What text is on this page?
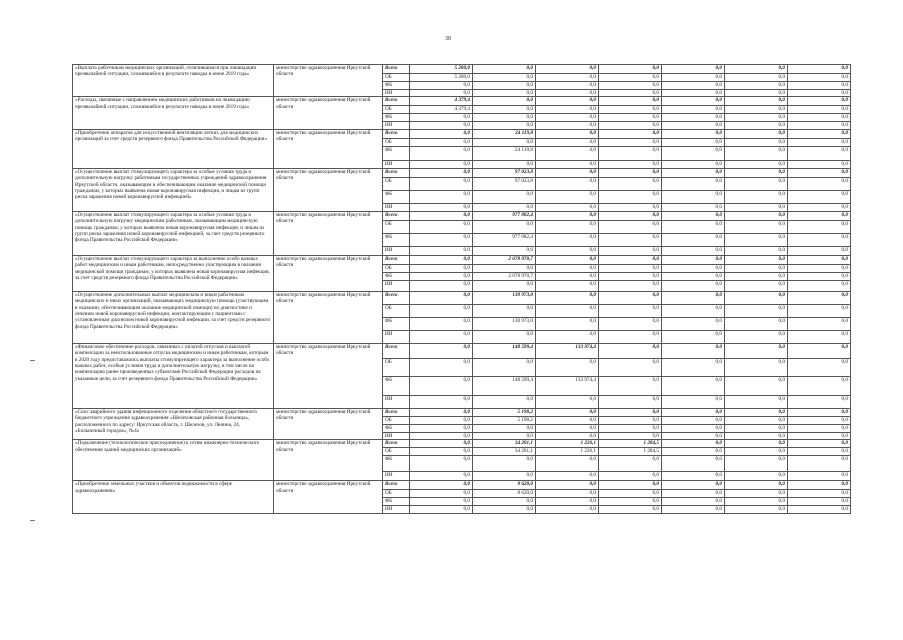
30
«Выплата работникам медицинских организаций, отличившимся при ликвидации чрезвычайной ситуации, сложившейся в результате паводка в июне 2019 года»	министерство здравоохранения Иркутской области	Всего	5 200,0	0,0	0,0	0,0	0,0	0,0	0,0
		ОБ	5 200,0	0,0	0,0	0,0	0,0	0,0	0,0
		ФБ	0,0	0,0	0,0	0,0	0,0	0,0	0,0
		ИИ	0,0	0,0	0,0	0,0	0,0	0,0	0,0
«Расходы, связанные с направлением медицинских работников на ликвидацию чрезвычайной ситуации, сложившейся в результате паводка в июне 2019 года»	министерство здравоохранения Иркутской области	Всего	4 379,4	0,0	0,0	0,0	0,0	0,0	0,0
		ОБ	4 379,4	0,0	0,0	0,0	0,0	0,0	0,0
		ФБ	0,0	0,0	0,0	0,0	0,0	0,0	0,0
		ИИ	0,0	0,0	0,0	0,0	0,0	0,0	0,0
«Приобретение аппаратов для искусственной вентиляции легких для медицинских организаций за счет средств резервного фонда Правительства Российской Федерации»	министерство здравоохранения Иркутской области	Всего	0,0	24 119,8	0,0	0,0	0,0	0,0	0,0
		ОБ	0,0	0,0	0,0	0,0	0,0	0,0	0,0
		ФБ	0,0	24 119,8	0,0	0,0	0,0	0,0	0,0
		ИИ	0,0	0,0	0,0	0,0	0,0	0,0	0,0
«Осуществление выплат стимулирующего характера за особые условия труда и дополнительную нагрузку работникам государственных учреждений здравоохранения Иркутской области, оказывающим и обеспечивающим оказание медицинской помощи гражданам, у которых выявлена новая коронавирусная инфекция, и лицам из групп риска заражения новой коронавирусной инфекцией»	министерство здравоохранения Иркутской области	Всего	0,0	97 023,8	0,0	0,0	0,0	0,0	0,0
		ОБ	0,0	97 023,8	0,0	0,0	0,0	0,0	0,0
		ФБ	0,0	0,0	0,0	0,0	0,0	0,0	0,0
		ИИ	0,0	0,0	0,0	0,0	0,0	0,0	0,0
«Осуществление выплат стимулирующего характера за особые условия труда и дополнительную нагрузку медицинским работникам, оказывающим медицинскую помощь гражданам, у которых выявлена новая коронавирусная инфекция, и лицам из групп риска заражения новой коронавирусной инфекцией, за счет средств резервного фонда Правительства Российской Федерации»	министерство здравоохранения Иркутской области	Всего	0,0	977 082,4	0,0	0,0	0,0	0,0	0,0
		ОБ	0,0	0,0	0,0	0,0	0,0	0,0	0,0
		ФБ	0,0	977 082,4	0,0	0,0	0,0	0,0	0,0
		ИИ	0,0	0,0	0,0	0,0	0,0	0,0	0,0
«Осуществление выплат стимулирующего характера за выполнение особо важных работ медицинским и иным работникам, непосредственно участвующим в оказании медицинской помощи гражданам, у которых выявлена новая коронавирусная инфекция, за счет средств резервного фонда Правительства Российской Федерации»	министерство здравоохранения Иркутской области	Всего	0,0	2 078 970,7	0,0	0,0	0,0	0,0	0,0
		ОБ	0,0	0,0	0,0	0,0	0,0	0,0	0,0
		ФБ	0,0	2 078 970,7	0,0	0,0	0,0	0,0	0,0
		ИИ	0,0	0,0	0,0	0,0	0,0	0,0	0,0
«Осуществление дополнительных выплат медицинским и иным работникам медицинских и иных организаций, оказывающих медицинскую помощь (участвующим в оказании, обеспечивающим оказание медицинской помощи) по диагностике и лечению новой коронавирусной инфекции, контактирующим с пациентами с установленным диагнозом новой коронавирусной инфекции, за счет средств резервного фонда Правительства Российской Федерации»	министерство здравоохранения Иркутской области	Всего	0,0	130 973,0	0,0	0,0	0,0	0,0	0,0
		ОБ	0,0	0,0	0,0	0,0	0,0	0,0	0,0
		ФБ	0,0	130 973,0	0,0	0,0	0,0	0,0	0,0
		ИИ	0,0	0,0	0,0	0,0	0,0	0,0	0,0
«Финансовое обеспечение расходов, связанных с оплатой отпусков и выплатой компенсации за неиспользованные отпуска медицинским и иным работникам, которым в 2020 году предоставлялись выплаты стимулирующего характера за выполнение особо важных работ, особые условия труда и дополнительную нагрузку, в том числе на компенсацию ранее произведенных субъектами Российской Федерации расходов на указанные цели, за счет резервного фонда Правительства Российской Федерации»	министерство здравоохранения Иркутской области	Всего	0,0	148 599,4	133 974,4	0,0	0,0	0,0	0,0
		ОБ	0,0	0,0	0,0	0,0	0,0	0,0	0,0
		ФБ	0,0	148 599,4	133 974,4	0,0	0,0	0,0	0,0
		ИИ	0,0	0,0	0,0	0,0	0,0	0,0	0,0
«Снос аварийного здания инфекционного отделения областного государственного бюджетного учреждения здравоохранения «Шелеховская районная больница», расположенного по адресу: Иркутская область, г. Шелехов, ул. Ленина, 24, «Больничный городок», №4»	министерство здравоохранения Иркутской области	Всего	0,0	5 198,2	0,0	0,0	0,0	0,0	0,0
		ОБ	0,0	5 198,2	0,0	0,0	0,0	0,0	0,0
		ФБ	0,0	0,0	0,0	0,0	0,0	0,0	0,0
		ИИ	0,0	0,0	0,0	0,0	0,0	0,0	0,0
«Подключение (технологическое присоединение) к сетям инженерно-технического обеспечения зданий медицинских организаций»	министерство здравоохранения Иркутской области	Всего	0,0	34 201,1	1 226,1	1 284,5	0,0	0,0	0,0
		ОБ	0,0	34 201,1	1 226,1	1 284,5	0,0	0,0	0,0
		ФБ	0,0	0,0	0,0	0,0	0,0	0,0	0,0
		ИИ	0,0	0,0	0,0	0,0	0,0	0,0	0,0
«Приобретение земельных участков и объектов недвижимости в сфере здравоохранения»	министерство здравоохранения Иркутской области	Всего	0,0	8 620,0	0,0	0,0	0,0	0,0	0,0
		ОБ	0,0	8 620,0	0,0	0,0	0,0	0,0	0,0
		ФБ	0,0	0,0	0,0	0,0	0,0	0,0	0,0
		ИИ	0,0	0,0	0,0	0,0	0,0	0,0	0,0
